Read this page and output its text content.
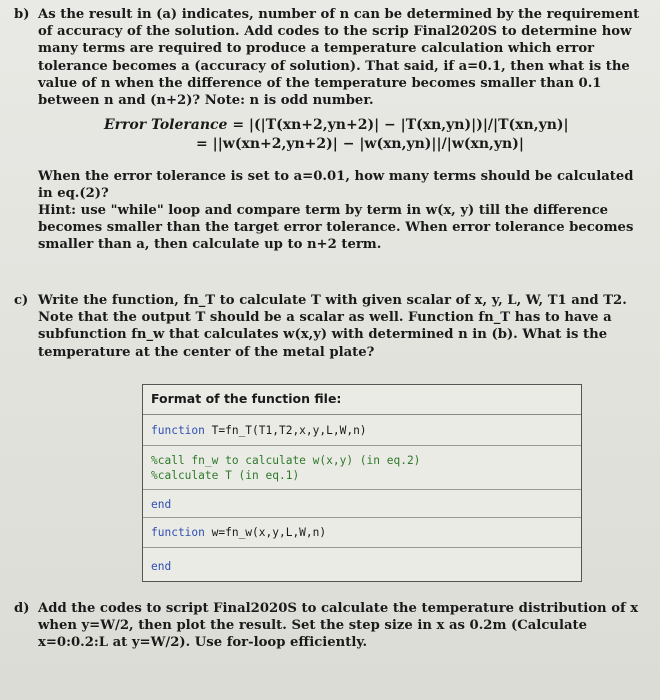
b) As the result in (a) indicates, number of n can be determined by the requirement of accuracy of the solution. Add codes to the scrip Final2020S to determine how many terms are required to produce a temperature calculation which error tolerance becomes a (accuracy of solution). That said, if a=0.1, then what is the value of n when the difference of the temperature becomes smaller than 0.1 between n and (n+2)? Note: n is odd number.
Error Tolerance = |(|T(xn+2,yn+2)| − |T(xn,yn)|)|/|T(xn,yn)|
= ||w(xn+2,yn+2)| − |w(xn,yn)||/|w(xn,yn)|
When the error tolerance is set to a=0.01, how many terms should be calculated in eq.(2)?
Hint: use "while" loop and compare term by term in w(x, y) till the difference becomes smaller than the target error tolerance. When error tolerance becomes smaller than a, then calculate up to n+2 term.
c) Write the function, fn_T to calculate T with given scalar of x, y, L, W, T1 and T2. Note that the output T should be a scalar as well. Function fn_T has to have a subfunction fn_w that calculates w(x,y) with determined n in (b). What is the temperature at the center of the metal plate?
Format of the function file:
function T=fn_T(T1,T2,x,y,L,W,n)
%call fn_w to calculate w(x,y) (in eq.2)
%calculate T (in eq.1)
end
function w=fn_w(x,y,L,W,n)
end
d) Add the codes to script Final2020S to calculate the temperature distribution of x when y=W/2, then plot the result. Set the step size in x as 0.2m (Calculate x=0:0.2:L at y=W/2). Use for-loop efficiently.
